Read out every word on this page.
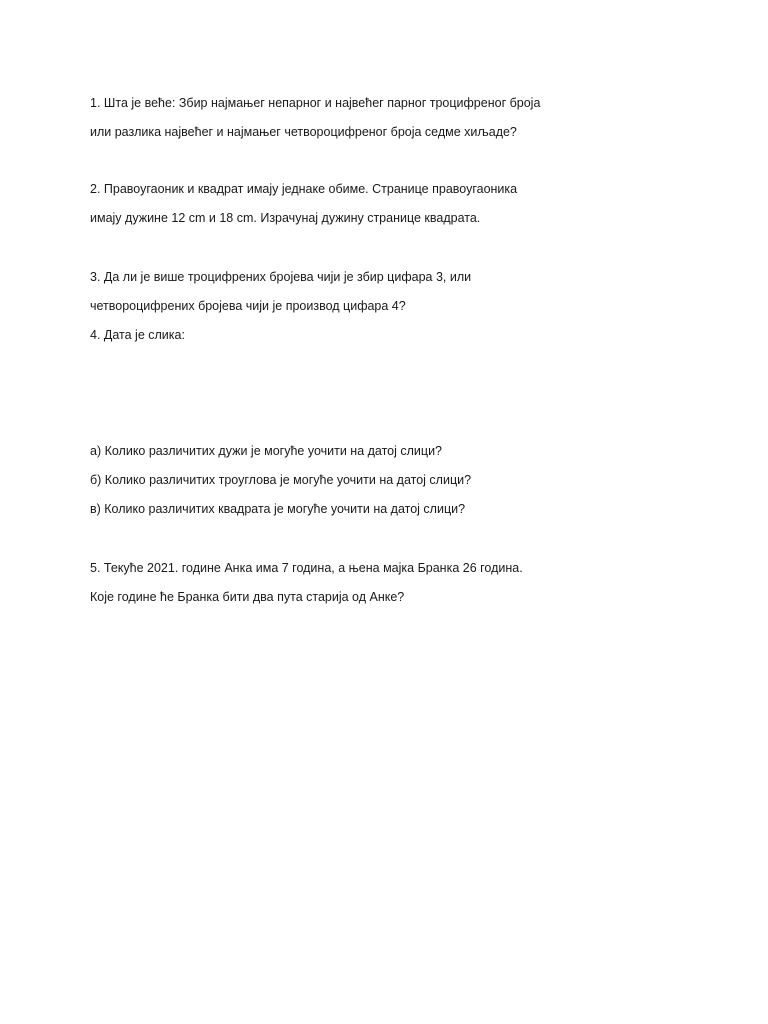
1. Шта је веће: Збир најмањег непарног и највећег парног троцифреног броја

или разлика највећег и најмањег четвороцифреног броја седме хиљаде?

2. Правоугаоник и квадрат имају једнаке обиме. Странице правоугаоника

имају дужине 12 cm и 18 cm. Израчунај дужину странице квадрата.

3. Да ли је више троцифрених бројева чији је збир цифара 3, или

четвороцифрених бројева чији је производ цифара 4?

4. Дата је слика:

а) Колико различитих дужи је могуће уочити на датој слици?

б) Колико различитих троуглова је могуће уочити на датој слици?

в) Колико различитих квадрата је могуће уочити на датој слици?

5. Текуће 2021. године Анка има 7 година, а њена мајка Бранка 26 година.

Које године ће Бранка бити два пута старија од Анке?
